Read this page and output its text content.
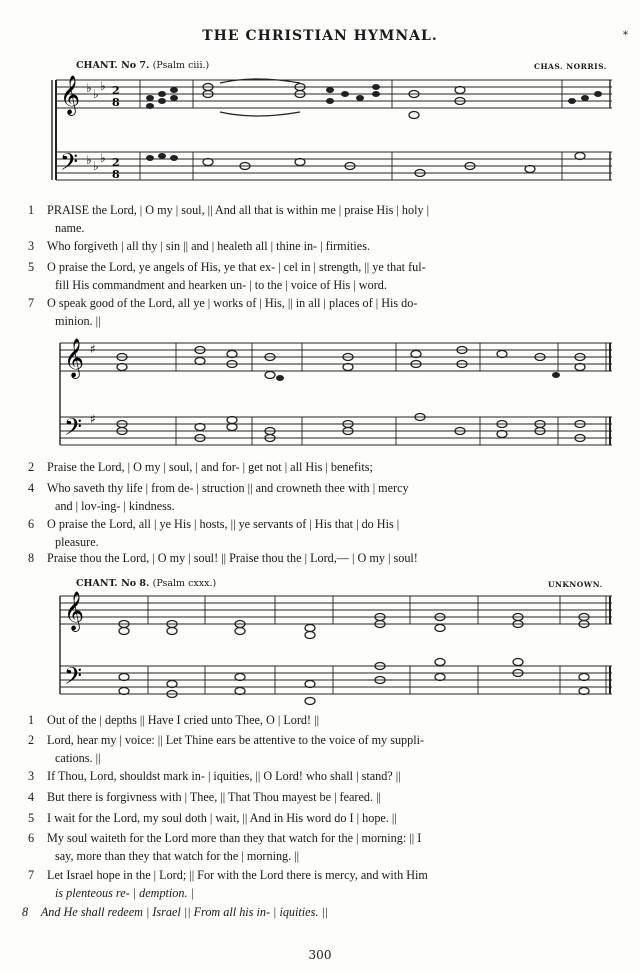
THE CHRISTIAN HYMNAL.	*
CHANT. No 7. (Psalm ciii.)	CHAS. NORRIS.
𝄞
𝄢
♭ ♭
♭
♭ ♭
♭
2
8
2
8
1 PRAISE the Lord, | O my | soul, || And all that is within me | praise His | holy |
name.
3 Who forgiveth | all thy | sin || and | healeth all | thine in- | firmities.
5 O praise the Lord, ye angels of His, ye that ex- | cel in | strength, || ye that ful-
fill His commandment and hearken un- | to the | voice of His | word.
7 O speak good of the Lord, all ye | works of | His, || in all | places of | His do-
minion. ||
𝄞
𝄢
♯
♯
2 Praise the Lord, | O my | soul, | and for- | get not | all His | benefits;
4 Who saveth thy life | from de- | struction || and crowneth thee with | mercy
and | lov-ing- | kindness.
6 O praise the Lord, all | ye His | hosts, || ye servants of | His that | do His |
pleasure.
8 Praise thou the Lord, | O my | soul! || Praise thou the | Lord,— | O my | soul!
CHANT. No 8. (Psalm cxxx.)	UNKNOWN.
𝄞
𝄢
1 Out of the | depths || Have I cried unto Thee, O | Lord! ||
2 Lord, hear my | voice: || Let Thine ears be attentive to the voice of my suppli-
cations. ||
3 If Thou, Lord, shouldst mark in- | iquities, || O Lord! who shall | stand? ||
4 But there is forgivness with | Thee, || That Thou mayest be | feared. ||
5 I wait for the Lord, my soul doth | wait, || And in His word do I | hope. ||
6 My soul waiteth for the Lord more than they that watch for the | morning: || I
say, more than they that watch for the | morning. ||
7 Let Israel hope in the | Lord; || For with the Lord there is mercy, and with Him
is plenteous re- | demption. |
8 And He shall redeem | Israel || From all his in- | iquities. ||
300
